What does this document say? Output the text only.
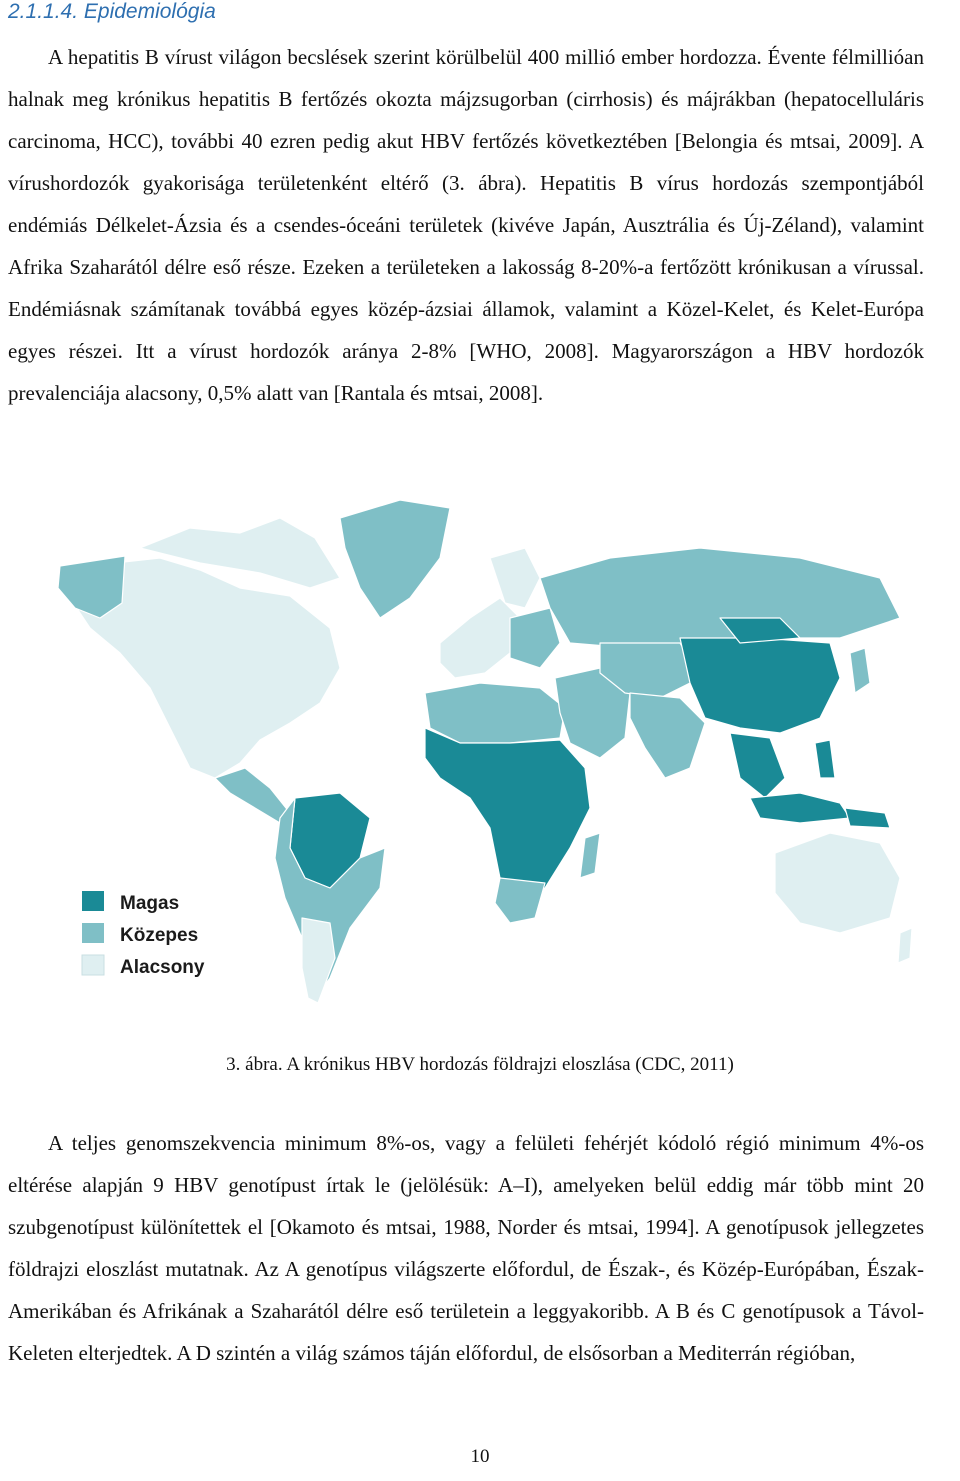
2.1.1.4. Epidemiológia
A hepatitis B vírust világon becslések szerint körülbelül 400 millió ember hordozza. Évente félmillióan halnak meg krónikus hepatitis B fertőzés okozta májzsugorban (cirrhosis) és májrákban (hepatocelluláris carcinoma, HCC), további 40 ezren pedig akut HBV fertőzés következtében [Belongia és mtsai, 2009]. A vírushordozók gyakorisága területenként eltérő (3. ábra). Hepatitis B vírus hordozás szempontjából endémiás Délkelet-Ázsia és a csendes-óceáni területek (kivéve Japán, Ausztrália és Új-Zéland), valamint Afrika Szaharától délre eső része. Ezeken a területeken a lakosság 8-20%-a fertőzött krónikusan a vírussal. Endémiásnak számítanak továbbá egyes közép-ázsiai államok, valamint a Közel-Kelet, és Kelet-Európa egyes részei. Itt a vírust hordozók aránya 2-8% [WHO, 2008]. Magyarországon a HBV hordozók prevalenciája alacsony, 0,5% alatt van [Rantala és mtsai, 2008].
Magas
Közepes
Alacsony
3. ábra. A krónikus HBV hordozás földrajzi eloszlása (CDC, 2011)
A teljes genomszekvencia minimum 8%-os, vagy a felületi fehérjét kódoló régió minimum 4%-os eltérése alapján 9 HBV genotípust írtak le (jelölésük: A–I), amelyeken belül eddig már több mint 20 szubgenotípust különítettek el [Okamoto és mtsai, 1988, Norder és mtsai, 1994]. A genotípusok jellegzetes földrajzi eloszlást mutatnak. Az A genotípus világszerte előfordul, de Észak-, és Közép-Európában, Észak-Amerikában és Afrikának a Szaharától délre eső területein a leggyakoribb. A B és C genotípusok a Távol-Keleten elterjedtek. A D szintén a világ számos táján előfordul, de elsősorban a Mediterrán régióban,
10
